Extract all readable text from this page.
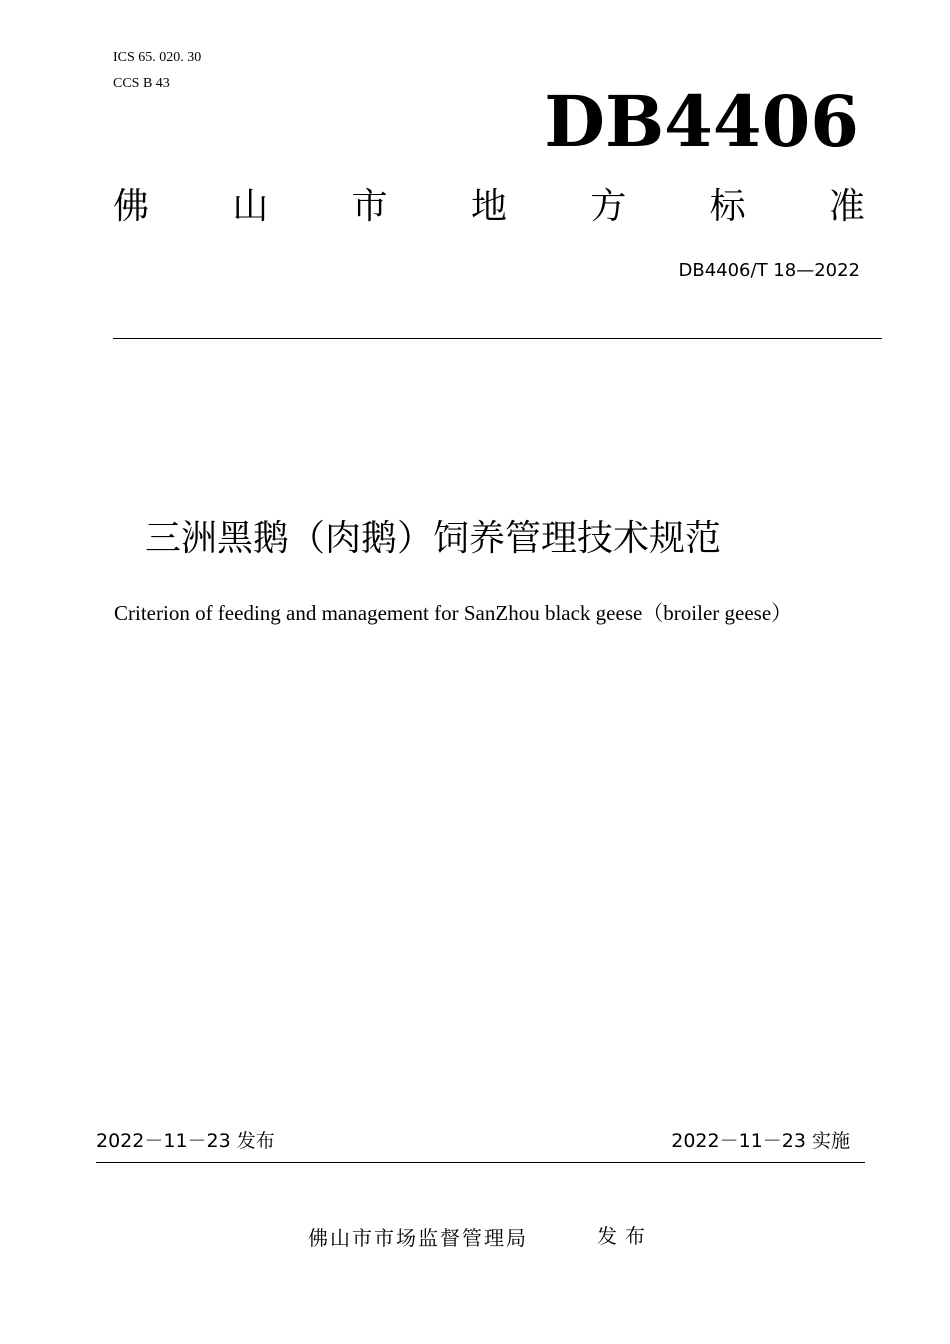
ICS 65. 020. 30
CCS B 43	DB4406
佛 山 市 地 方 标 准
DB4406/T 18—2022
三洲黑鹅（肉鹅）饲养管理技术规范
Criterion of feeding and management for SanZhou black geese（broiler geese）
2022－11－23 发布	2022－11－23 实施
佛山市市场监督管理局	发布
